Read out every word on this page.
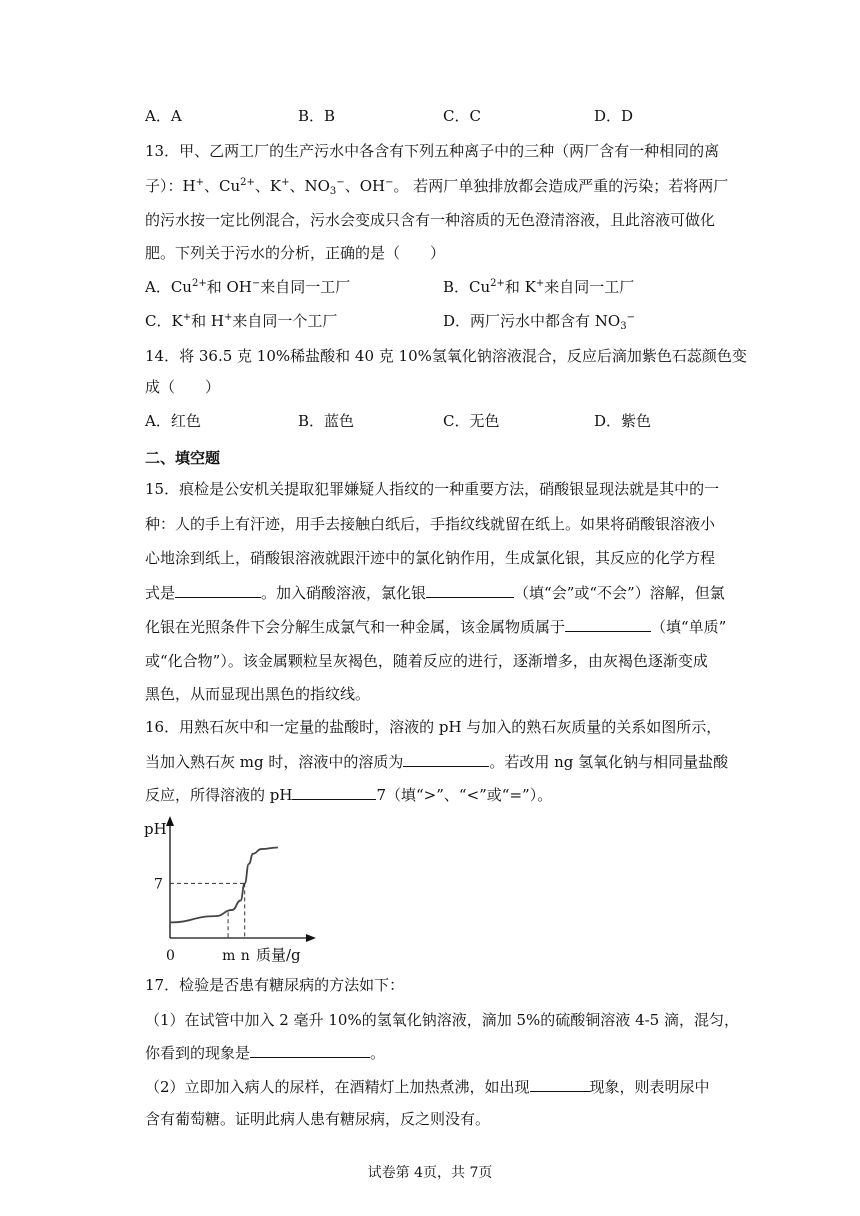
A．A	B．B	C．C	D．D
13．甲、乙两工厂的生产污水中各含有下列五种离子中的三种（两厂含有一种相同的离
子）：H+、$Cu^{2+}$、K+、$NO_3^-$、OH−。 若两厂单独排放都会造成严重的污染；若将两厂
的污水按一定比例混合，污水会变成只含有一种溶质的无色澄清溶液，且此溶液可做化
肥。下列关于污水的分析，正确的是（　　）
A．$Cu^{2+}$和 OH−来自同一工厂	B．$Cu^{2+}$和 K+来自同一工厂
C．K+和 H+来自同一个工厂	D．两厂污水中都含有 $NO_3^-$
14．将 36.5 克 10%稀盐酸和 40 克 10%氢氧化钠溶液混合，反应后滴加紫色石蕊颜色变
成（　　）
A．红色	B．蓝色	C．无色	D．紫色
二、填空题
15．痕检是公安机关提取犯罪嫌疑人指纹的一种重要方法，硝酸银显现法就是其中的一
种：人的手上有汗迹，用手去接触白纸后，手指纹线就留在纸上。如果将硝酸银溶液小
心地涂到纸上，硝酸银溶液就跟汗迹中的氯化钠作用，生成氯化银，其反应的化学方程
式是	。加入硝酸溶液，氯化银	（填“会”或“不会”）溶解，但氯
化银在光照条件下会分解生成氯气和一种金属，该金属物质属于	（填“单质”
或“化合物”）。该金属颗粒呈灰褐色，随着反应的进行，逐渐增多，由灰褐色逐渐变成
黑色，从而显现出黑色的指纹线。
16．用熟石灰中和一定量的盐酸时，溶液的 pH 与加入的熟石灰质量的关系如图所示，
当加入熟石灰 mg 时，溶液中的溶质为	。若改用 ng 氢氧化钠与相同量盐酸
反应，所得溶液的 pH	7（填“>”、“<”或“=”）。
pH
7
0	m n 质量/g
17．检验是否患有糖尿病的方法如下：
（1）在试管中加入 2 毫升 10%的氢氧化钠溶液，滴加 5%的硫酸铜溶液 4-5 滴，混匀，
你看到的现象是	。
（2）立即加入病人的尿样，在酒精灯上加热煮沸，如出现	现象，则表明尿中
含有葡萄糖。证明此病人患有糖尿病，反之则没有。
试卷第 4页，共 7页
